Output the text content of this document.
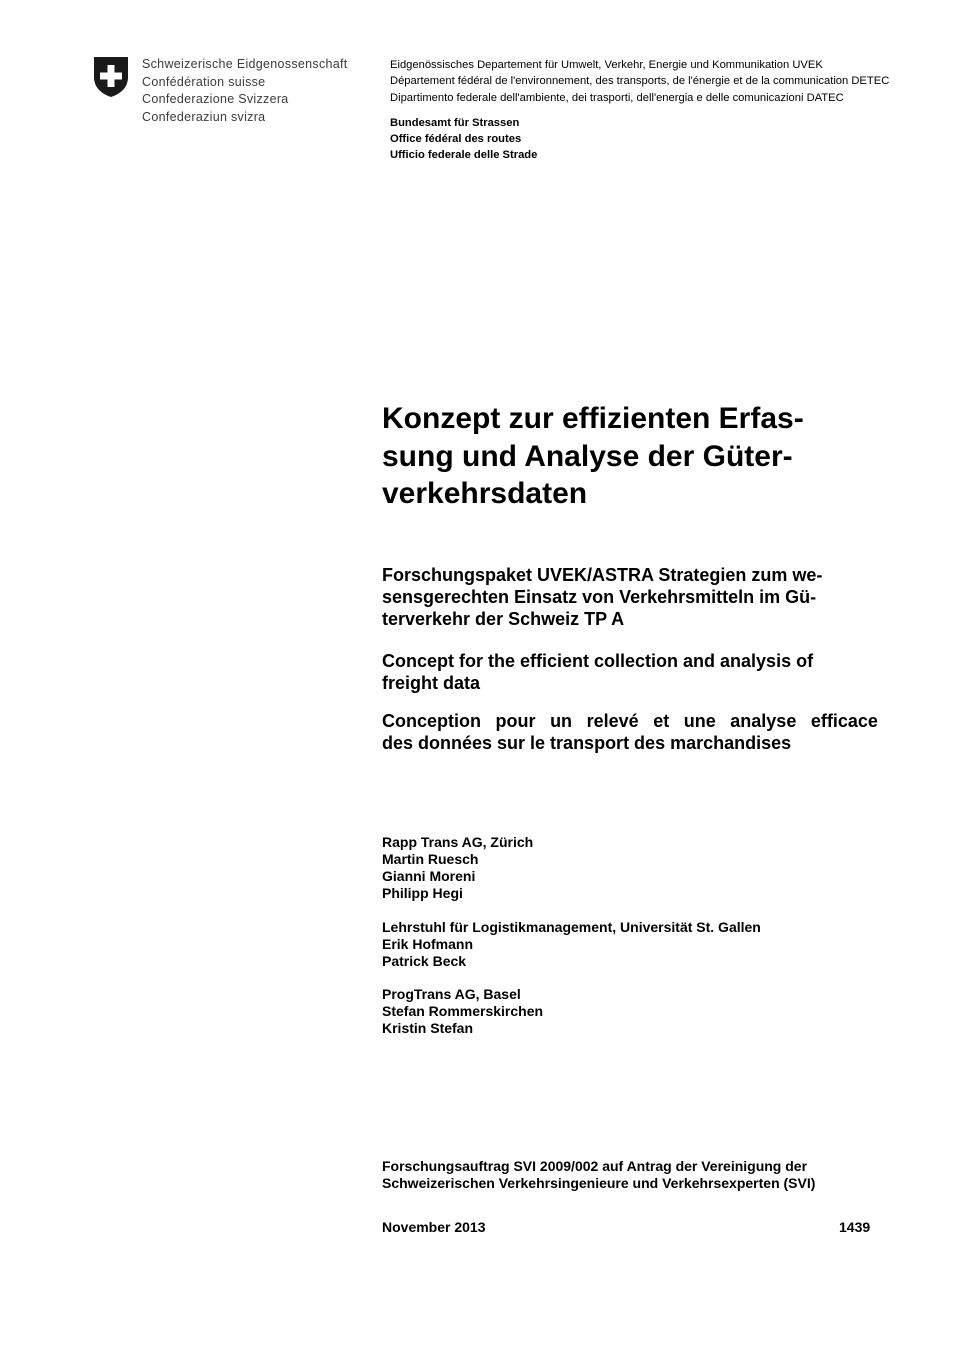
Schweizerische Eidgenossenschaft
Confédération suisse
Confederazione Svizzera
Confederaziun svizra
Eidgenössisches Departement für Umwelt, Verkehr, Energie und Kommunikation UVEK
Département fédéral de l'environnement, des transports, de l'énergie et de la communication DETEC
Dipartimento federale dell'ambiente, dei trasporti, dell'energia e delle comunicazioni DATEC
Bundesamt für Strassen
Office fédéral des routes
Ufficio federale delle Strade
Konzept zur effizienten Erfas-
sung und Analyse der Güter-
verkehrsdaten
Forschungspaket UVEK/ASTRA Strategien zum we-
sensgerechten Einsatz von Verkehrsmitteln im Gü-
terverkehr der Schweiz TP A
Concept for the efficient collection and analysis of
freight data
Conception pour un relevé et une analyse efficace
des données sur le transport des marchandises
Rapp Trans AG, Zürich
Martin Ruesch
Gianni Moreni
Philipp Hegi
Lehrstuhl für Logistikmanagement, Universität St. Gallen
Erik Hofmann
Patrick Beck
ProgTrans AG, Basel
Stefan Rommerskirchen
Kristin Stefan
Forschungsauftrag SVI 2009/002 auf Antrag der Vereinigung der
Schweizerischen Verkehrsingenieure und Verkehrsexperten (SVI)
November 2013	1439
